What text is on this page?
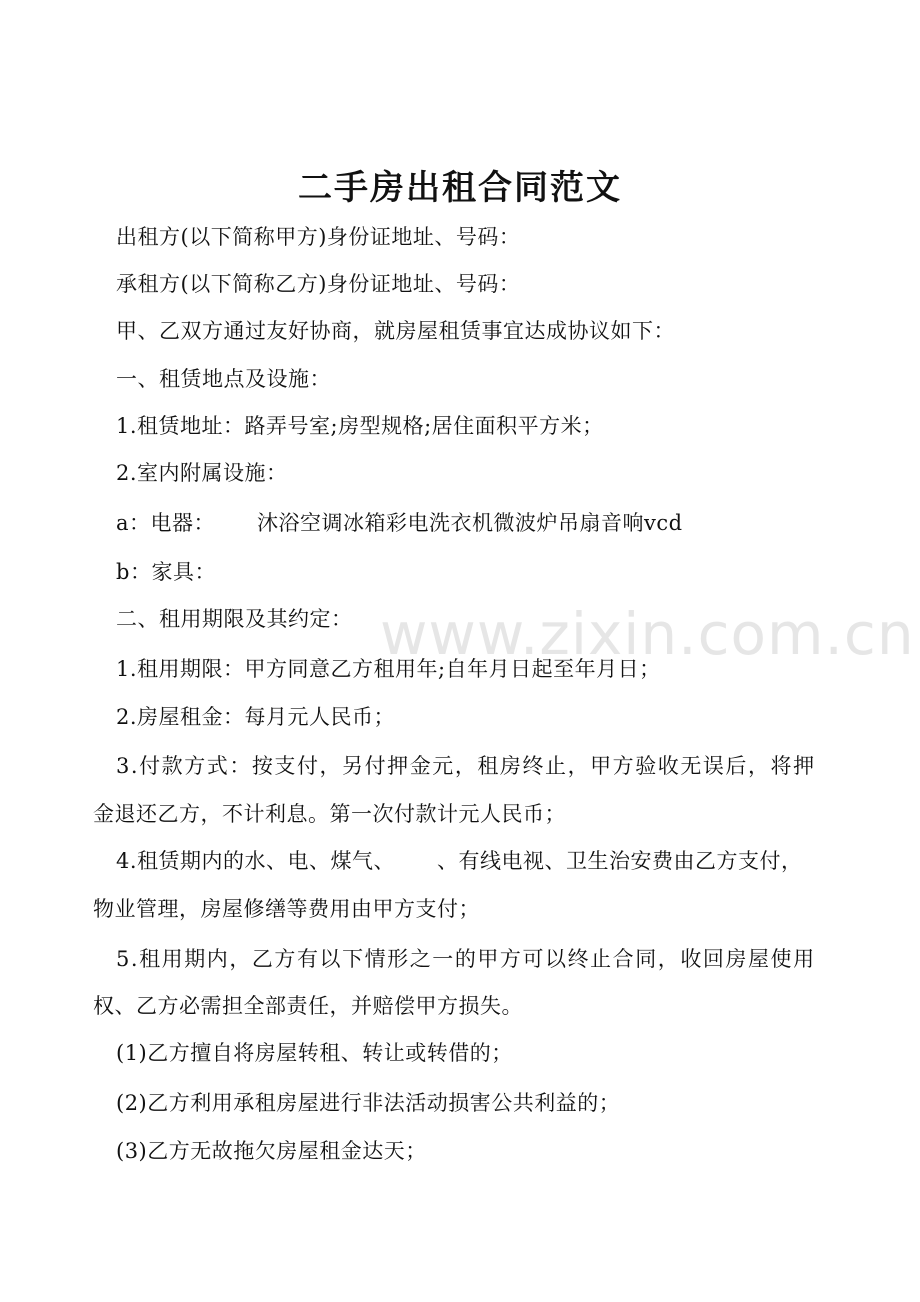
www.zixin.com.cn
二手房出租合同范文
出租方(以下简称甲方)身份证地址、号码：
承租方(以下简称乙方)身份证地址、号码：
甲、乙双方通过友好协商，就房屋租赁事宜达成协议如下：
一、租赁地点及设施：
1.租赁地址：路弄号室;房型规格;居住面积平方米；
2.室内附属设施：
a：电器： 沐浴空调冰箱彩电洗衣机微波炉吊扇音响vcd
b：家具：
二、租用期限及其约定：
1.租用期限：甲方同意乙方租用年;自年月日起至年月日；
2.房屋租金：每月元人民币；
3.付款方式：按支付，另付押金元，租房终止，甲方验收无误后，将押
金退还乙方，不计利息。第一次付款计元人民币；
4.租赁期内的水、电、煤气、 、有线电视、卫生治安费由乙方支付，
物业管理，房屋修缮等费用由甲方支付；
5.租用期内，乙方有以下情形之一的甲方可以终止合同，收回房屋使用
权、乙方必需担全部责任，并赔偿甲方损失。
(1)乙方擅自将房屋转租、转让或转借的；
(2)乙方利用承租房屋进行非法活动损害公共利益的；
(3)乙方无故拖欠房屋租金达天；
